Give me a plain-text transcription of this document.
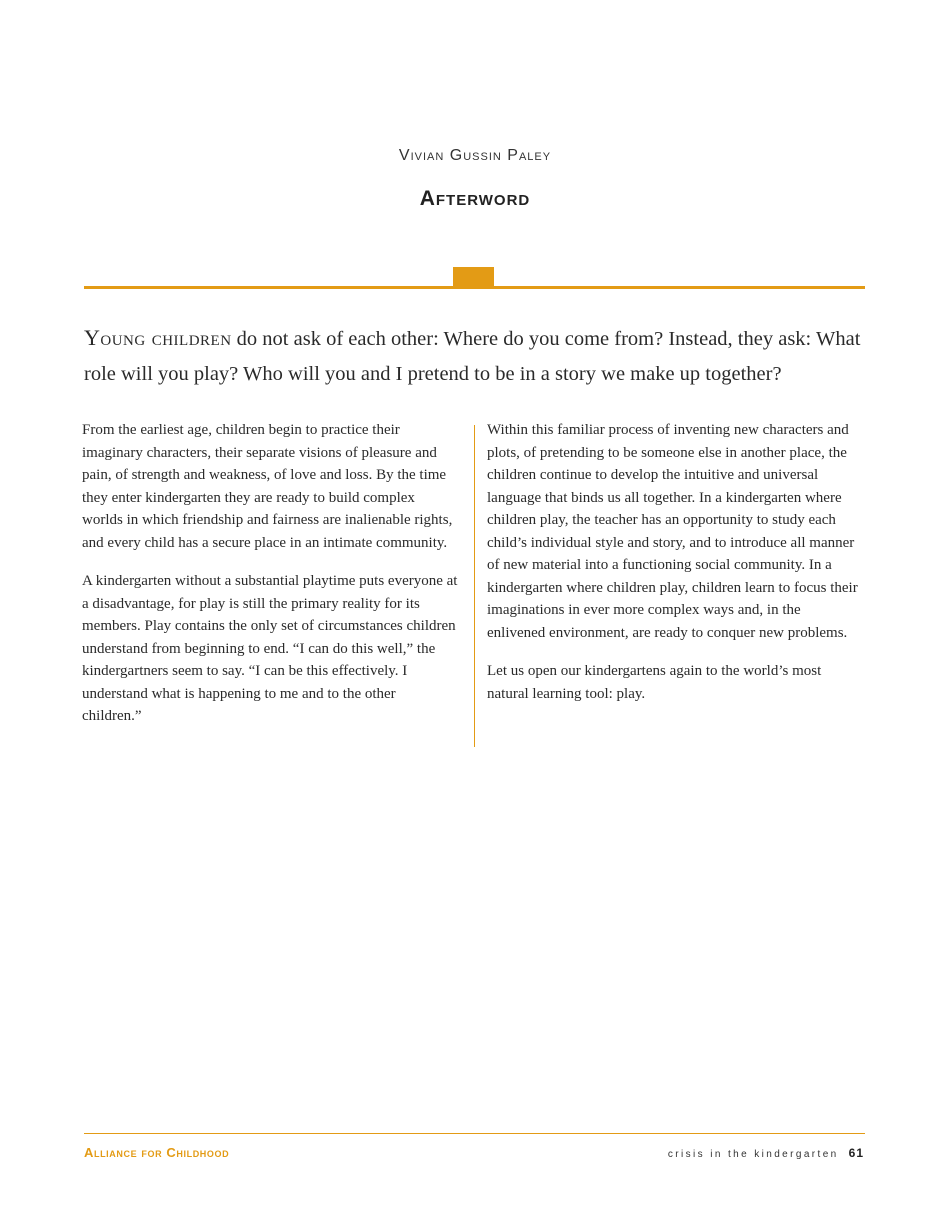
Vivian Gussin Paley
Afterword
Young children do not ask of each other: Where do you come from? Instead, they ask: What role will you play? Who will you and I pretend to be in a story we make up together?

From the earliest age, children begin to practice their imaginary characters, their separate visions of pleasure and pain, of strength and weakness, of love and loss. By the time they enter kindergarten they are ready to build complex worlds in which friendship and fairness are inalienable rights, and every child has a secure place in an intimate community.

A kindergarten without a substantial playtime puts everyone at a disadvantage, for play is still the primary reality for its members. Play contains the only set of circumstances children understand from beginning to end. “I can do this well,” the kindergartners seem to say. “I can be this effectively. I understand what is happening to me and to the other children.”

Within this familiar process of inventing new characters and plots, of pretending to be someone else in another place, the children continue to develop the intuitive and universal language that binds us all together. In a kindergarten where children play, the teacher has an opportunity to study each child’s individual style and story, and to introduce all manner of new material into a functioning social community. In a kindergarten where children play, children learn to focus their imaginations in ever more complex ways and, in the enlivened environment, are ready to conquer new problems.

Let us open our kindergartens again to the world’s most natural learning tool: play.

Alliance for Childhood	crisis in the kindergarten 61
